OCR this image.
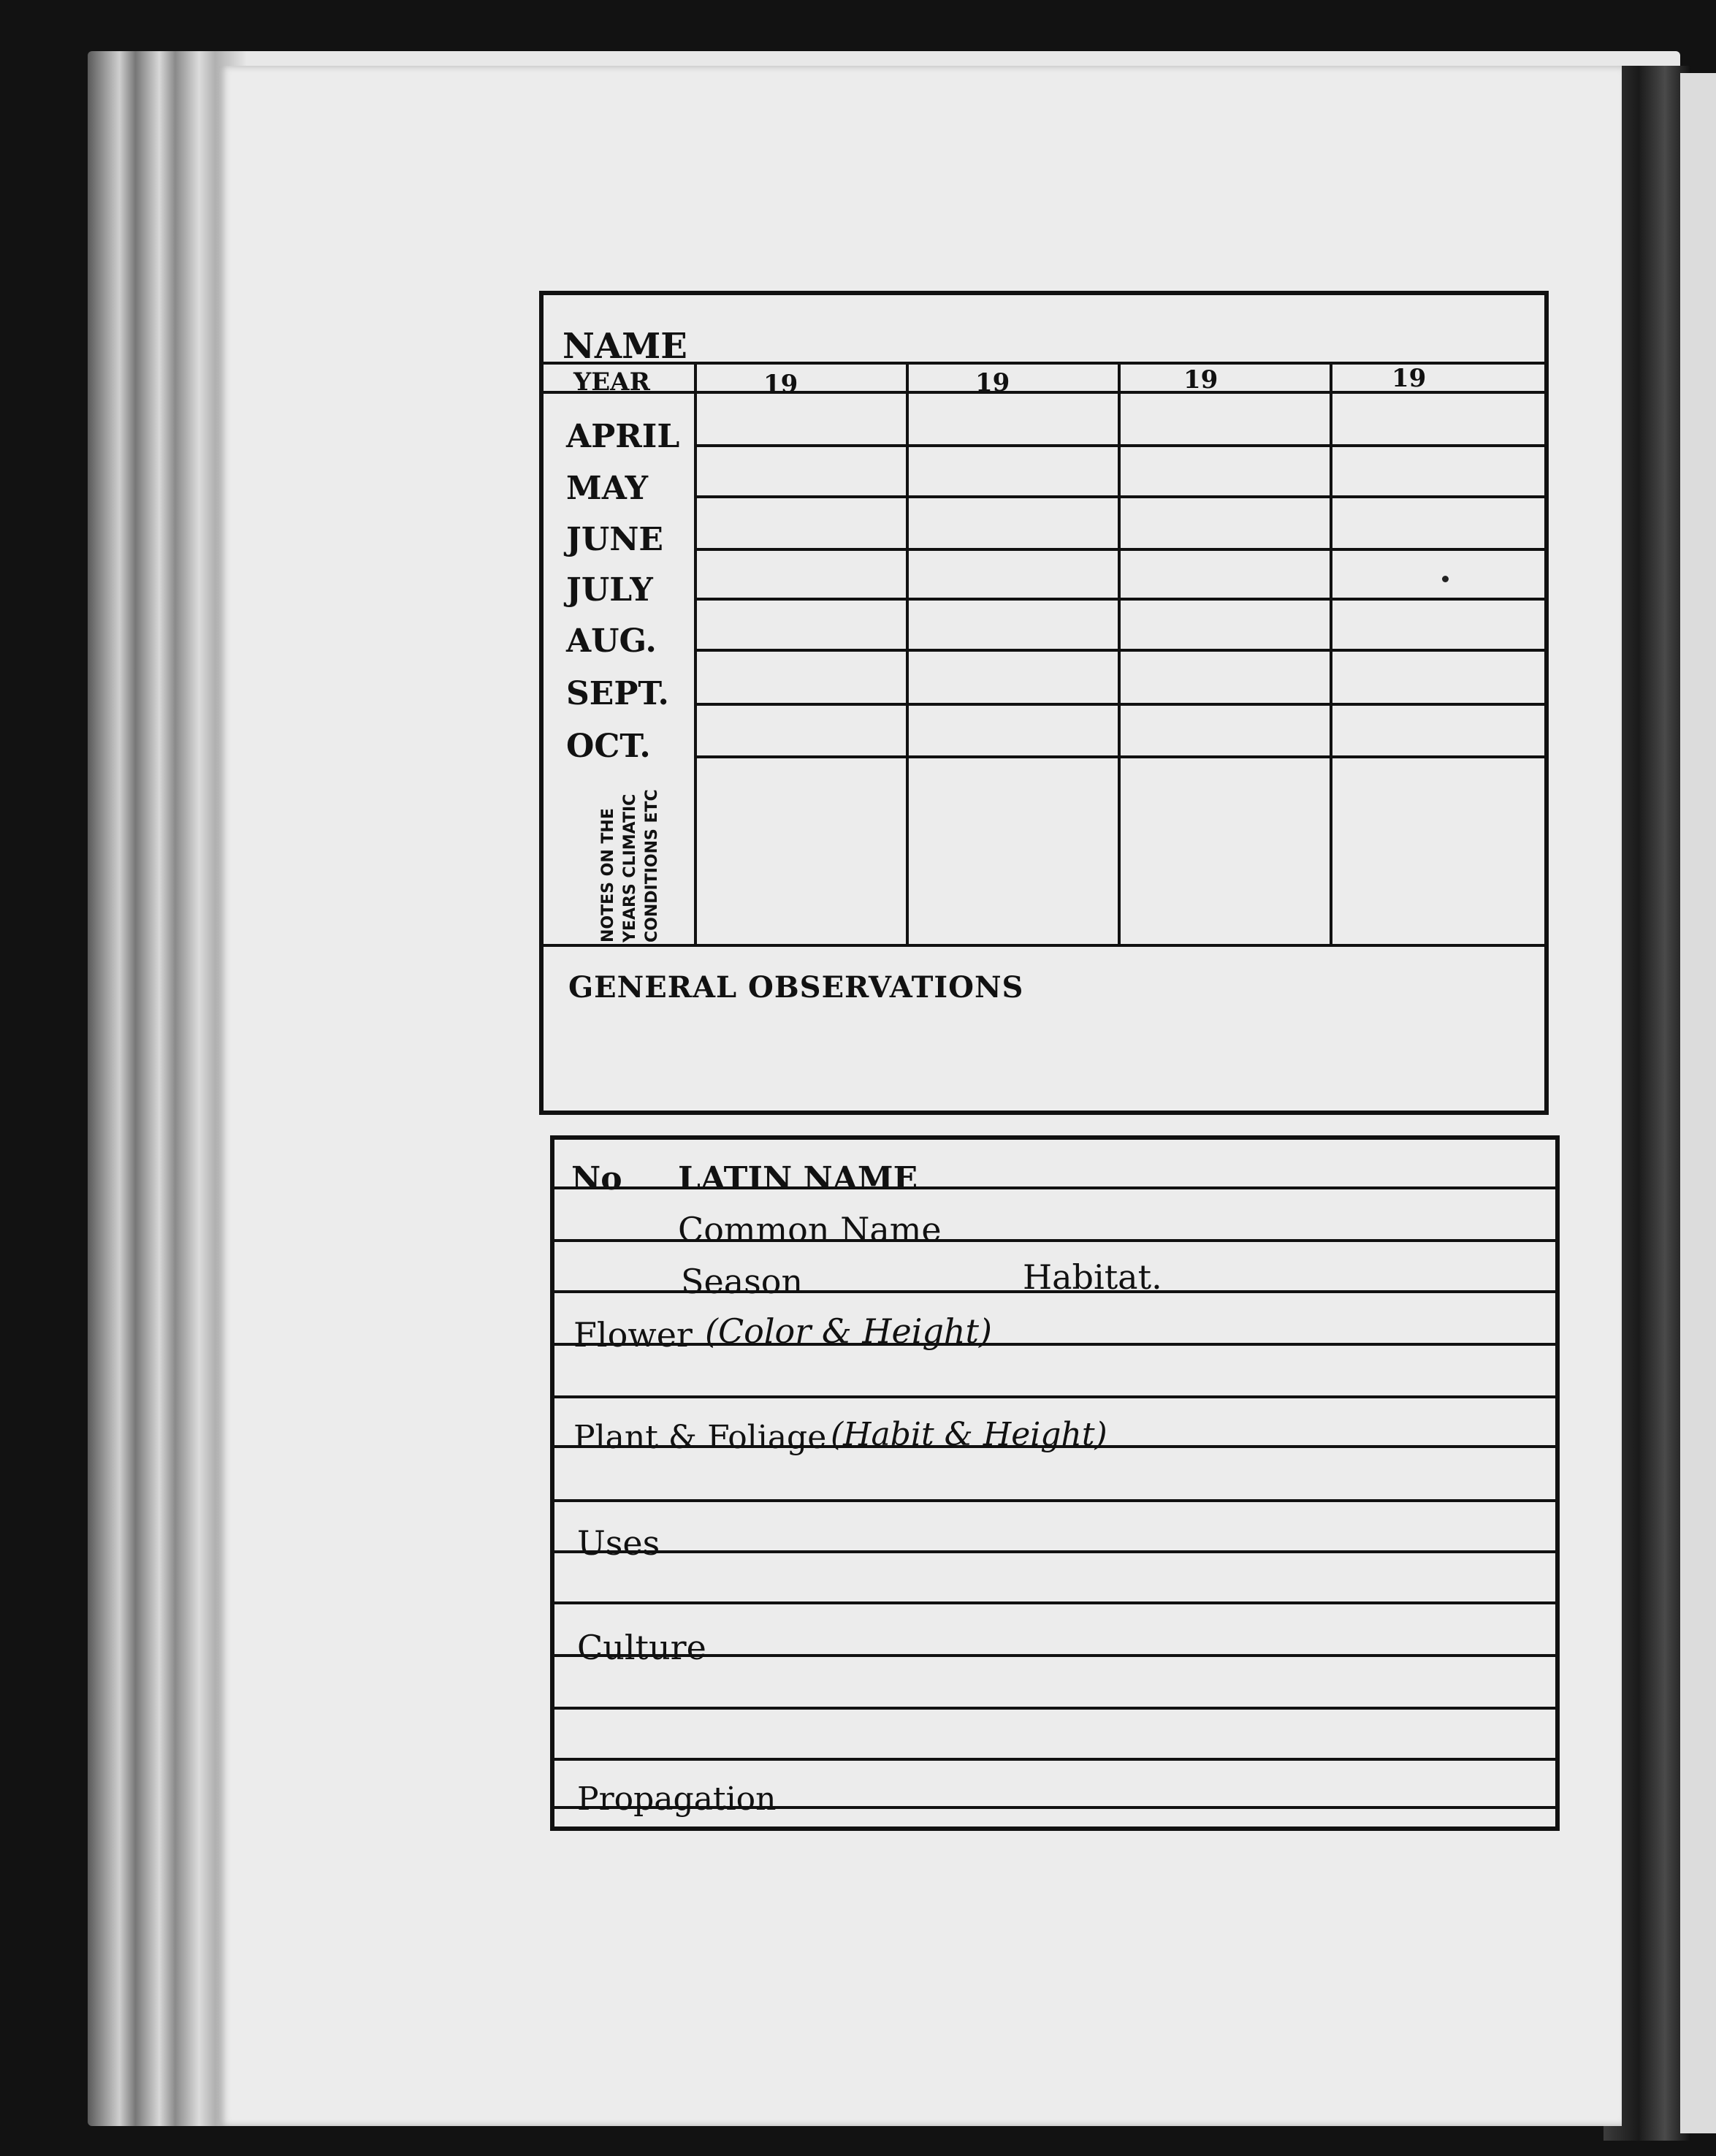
NAME
YEAR	19	19	19	19
APRIL
MAY
JUNE
JULY
AUG.
SEPT.
OCT.
NOTES ON THE YEARS CLIMATIC CONDITIONS ETC
GENERAL OBSERVATIONS
No LATIN NAME
Common Name
Season	Habitat.
Flower (Color & Height)
Plant & Foliage (Habit & Height)
Uses
Culture
Propagation
